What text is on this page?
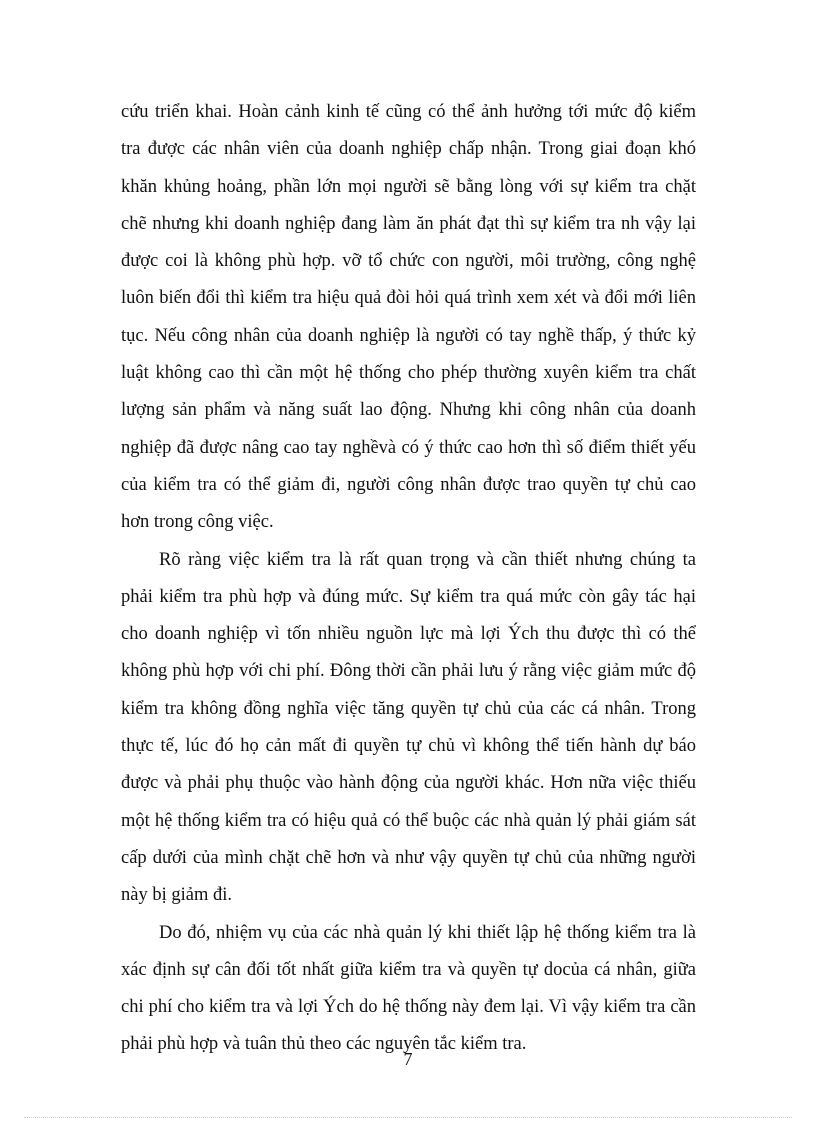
cứu triển khai. Hoàn cảnh kinh tế cũng có thể ảnh hưởng tới mức độ kiểm
tra được các nhân viên của doanh nghiệp chấp nhận. Trong giai đoạn khó
khăn khủng hoảng, phần lớn mọi người sẽ bằng lòng với sự kiểm tra chặt
chẽ nhưng khi doanh nghiệp đang làm ăn phát đạt thì sự kiểm tra nh vậy lại
được coi là không phù hợp. vỡ tổ chức con người, môi trường, công nghệ
luôn biến đổi thì kiểm tra hiệu quả đòi hỏi quá trình xem xét và đổi mới liên
tục. Nếu công nhân của doanh nghiệp là người có tay nghề thấp, ý thức kỷ
luật không cao thì cần một hệ thống cho phép thường xuyên kiểm tra chất
lượng sản phẩm và năng suất lao động. Nhưng khi công nhân của doanh
nghiệp đã được nâng cao tay nghềvà có ý thức cao hơn thì số điểm thiết yếu
của kiểm tra có thể giảm đi, người công nhân được trao quyền tự chủ cao
hơn trong công việc.
Rõ ràng việc kiểm tra là rất quan trọng và cần thiết nhưng chúng ta
phải kiểm tra phù hợp và đúng mức. Sự kiểm tra quá mức còn gây tác hại
cho doanh nghiệp vì tốn nhiều nguồn lực mà lợi Ých thu được thì có thể
không phù hợp với chi phí. Đông thời cần phải lưu ý rằng việc giảm mức độ
kiểm tra không đồng nghĩa việc tăng quyền tự chủ của các cá nhân. Trong
thực tế, lúc đó họ cản mất đi quyền tự chủ vì không thể tiến hành dự báo
được và phải phụ thuộc vào hành động của người khác. Hơn nữa việc thiếu
một hệ thống kiểm tra có hiệu quả có thể buộc các nhà quản lý phải giám sát
cấp dưới của mình chặt chẽ hơn và như vậy quyền tự chủ của những người
này bị giảm đi.
Do đó, nhiệm vụ của các nhà quản lý khi thiết lập hệ thống kiểm tra là
xác định sự cân đối tốt nhất giữa kiểm tra và quyền tự docủa cá nhân, giữa
chi phí cho kiểm tra và lợi Ých do hệ thống này đem lại. Vì vậy kiểm tra cần
phải phù hợp và tuân thủ theo các nguyên tắc kiểm tra.
7
